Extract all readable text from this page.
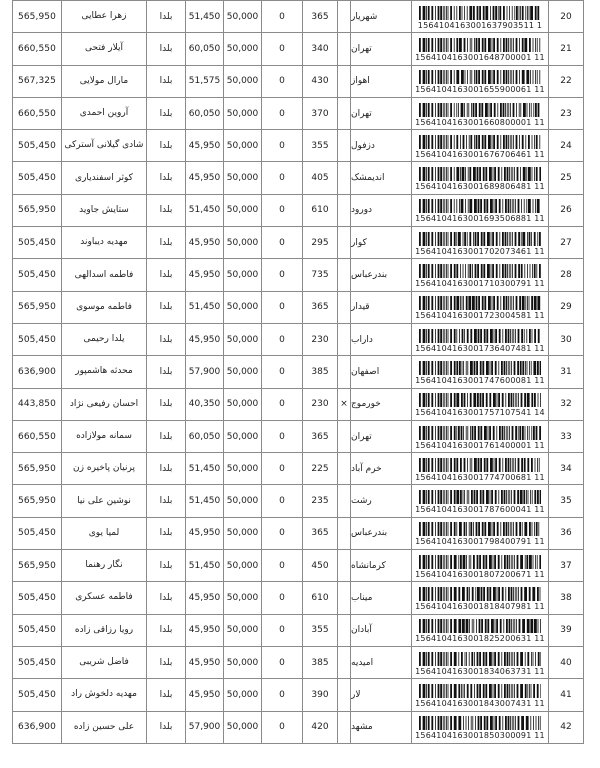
565,950	زهرا عطایی	بلدا	51,450	50,000	0	365		شهریار	1564104163001637903511 1	20
660,550	آیلار فتحی	بلدا	60,050	50,000	0	340		تهران	1564104163001648700001 11	21
567,325	مارال مولایی	بلدا	51,575	50,000	0	430		اهواز	1564104163001655900061 11	22
660,550	آروین احمدی	بلدا	60,050	50,000	0	370		تهران	1564104163001660800001 11	23
505,450	شادی گیلانی آستركی	بلدا	45,950	50,000	0	355		دزفول	1564104163001676706461 11	24
505,450	کوثر اسفندیاری	بلدا	45,950	50,000	0	405		اندیمشک	1564104163001689806481 11	25
565,950	ستایش جاوید	بلدا	51,450	50,000	0	610		دورود	1564104163001693506881 11	26
505,450	مهدیه دیباوند	بلدا	45,950	50,000	0	295		کوار	1564104163001702073461 11	27
505,450	فاطمه اسدالهی	بلدا	45,950	50,000	0	735		بندرعباس	1564104163001710300791 11	28
565,950	فاطمه موسوی	بلدا	51,450	50,000	0	365		قیدار	1564104163001723004581 11	29
505,450	یلدا رحیمی	بلدا	45,950	50,000	0	230		داراب	1564104163001736407481 11	30
636,900	محدثه هاشمپور	بلدا	57,900	50,000	0	385		اصفهان	1564104163001747600081 11	31
443,850	احسان رفیعی نژاد	بلدا	40,350	50,000	0	230	×	خورموج	1564104163001757107541 14	32
660,550	سمانه مولازاده	بلدا	60,050	50,000	0	365		تهران	1564104163001761400001 11	33
565,950	پرنیان پاخیره زن	بلدا	51,450	50,000	0	225		خرم آباد	1564104163001774700681 11	34
565,950	نوشین علی نیا	بلدا	51,450	50,000	0	235		رشت	1564104163001787600041 11	35
505,450	لمیا یوی	بلدا	45,950	50,000	0	365		بندرعباس	1564104163001798400791 11	36
565,950	نگار رهنما	بلدا	51,450	50,000	0	450		کرمانشاه	1564104163001807200671 11	37
505,450	فاطمه عسکری	بلدا	45,950	50,000	0	610		میناب	1564104163001818407981 11	38
505,450	رویا رزاقی زاده	بلدا	45,950	50,000	0	355		آبادان	1564104163001825200631 11	39
505,450	فاضل شریبی	بلدا	45,950	50,000	0	385		امیدیه	1564104163001834063731 11	40
505,450	مهدیه دلخوش راد	بلدا	45,950	50,000	0	390		لار	1564104163001843007431 11	41
636,900	علی حسین زاده	بلدا	57,900	50,000	0	420		مشهد	1564104163001850300091 11	42
